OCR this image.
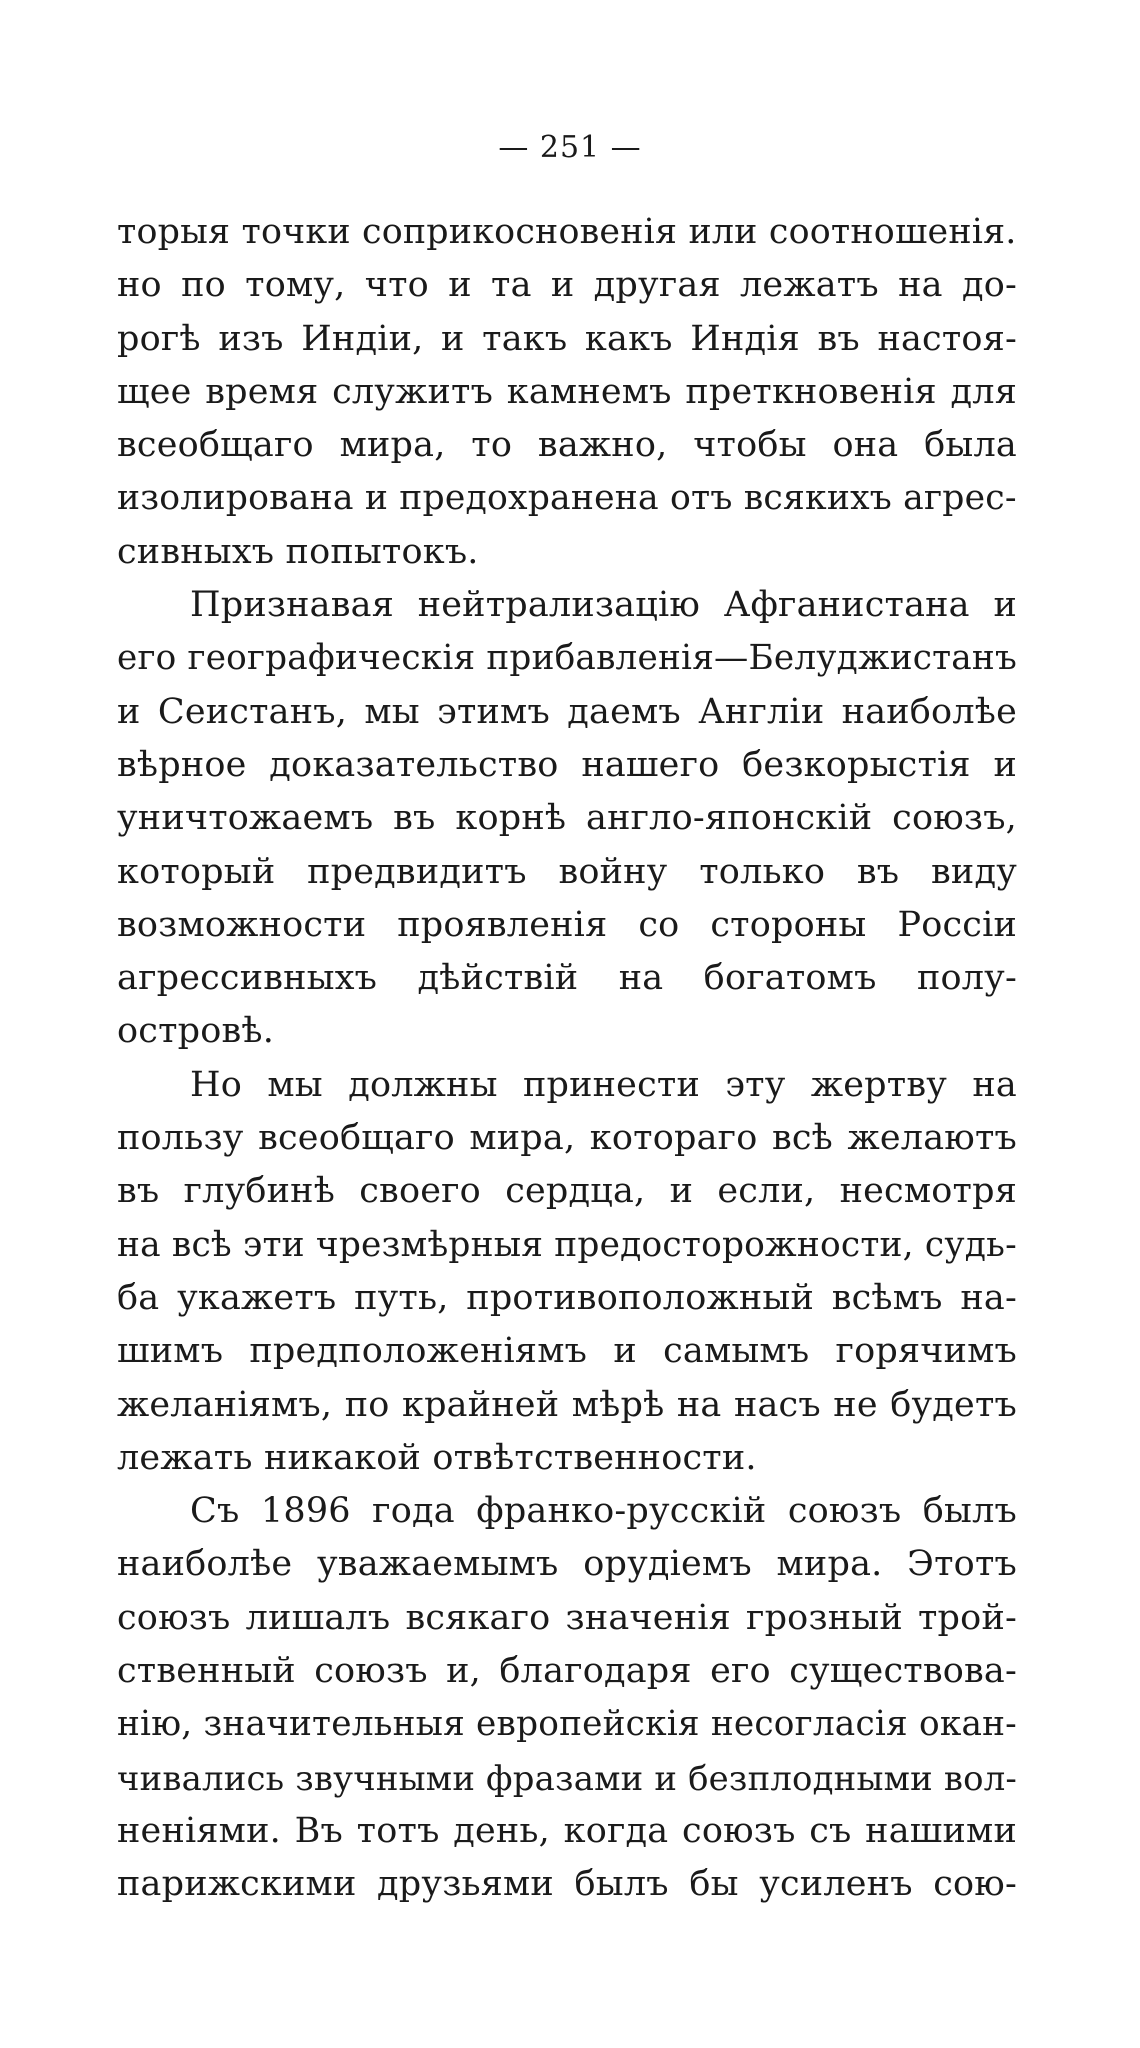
— 251 —
торыя точки соприкосновенія или соотношенія.
но по тому, что и та и другая лежатъ на до-
рогѣ изъ Индіи, и такъ какъ Индія въ настоя-
щее время служитъ камнемъ преткновенія для
всеобщаго мира, то важно, чтобы она была
изолирована и предохранена отъ всякихъ агрес-
сивныхъ попытокъ.
Признавая нейтрализацію Афганистана и
его географическія прибавленія—Белуджистанъ
и Сеистанъ, мы этимъ даемъ Англіи наиболѣе
вѣрное доказательство нашего безкорыстія и
уничтожаемъ въ корнѣ англо-японскій союзъ,
который предвидитъ войну только въ виду
возможности проявленія со стороны Россіи
агрессивныхъ дѣйствій на богатомъ полу-
островѣ.
Но мы должны принести эту жертву на
пользу всеобщаго мира, котораго всѣ желаютъ
въ глубинѣ своего сердца, и если, несмотря
на всѣ эти чрезмѣрныя предосторожности, судь-
ба укажетъ путь, противоположный всѣмъ на-
шимъ предположеніямъ и самымъ горячимъ
желаніямъ, по крайней мѣрѣ на насъ не будетъ
лежать никакой отвѣтственности.
Съ 1896 года франко-русскій союзъ былъ
наиболѣе уважаемымъ орудіемъ мира. Этотъ
союзъ лишалъ всякаго значенія грозный трой-
ственный союзъ и, благодаря его существова-
нію, значительныя европейскія несогласія окан-
чивались звучными фразами и безплодными вол-
неніями. Въ тотъ день, когда союзъ съ нашими
парижскими друзьями былъ бы усиленъ сою-
